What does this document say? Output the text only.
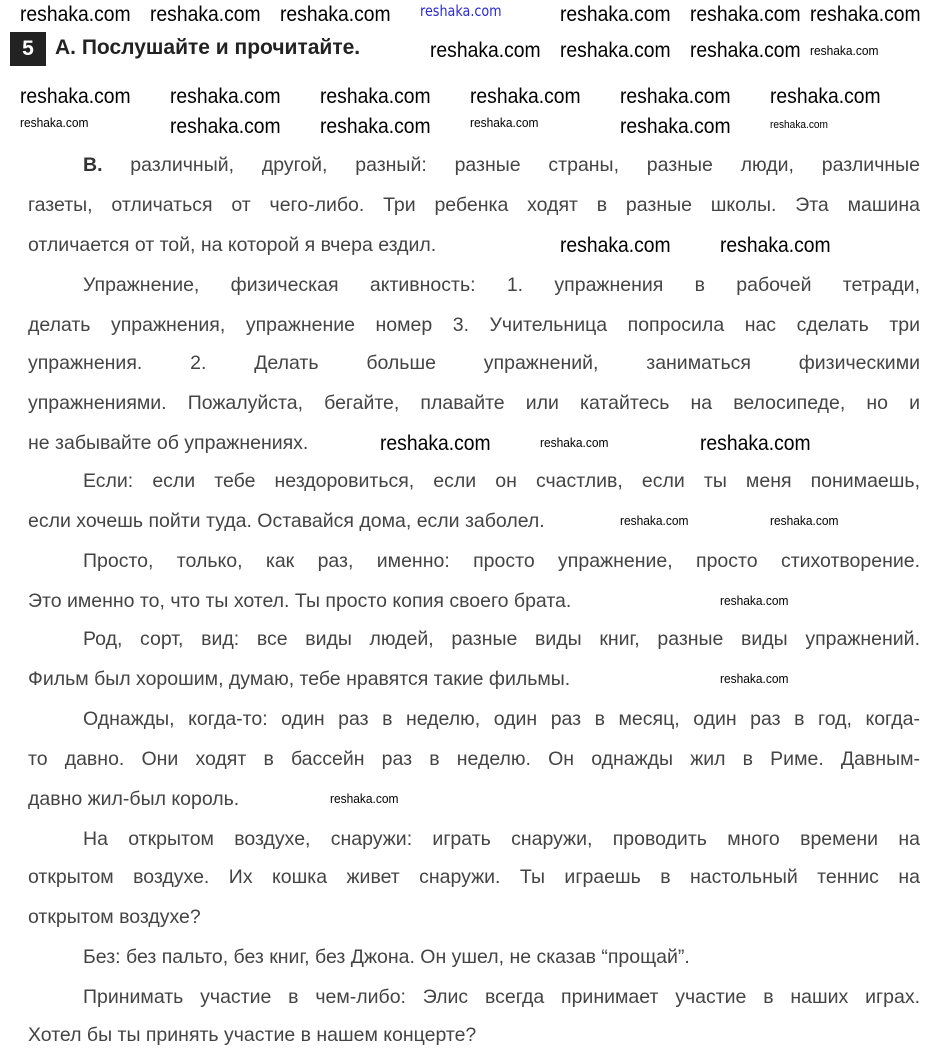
reshaka.com
5	А. Послушайте и прочитайте.
В. различный, другой, разный: разные страны, разные люди, различные
газеты, отличаться от чего-либо. Три ребенка ходят в разные школы. Эта машина
отличается от той, на которой я вчера ездил.
Упражнение, физическая активность: 1. упражнения в рабочей тетради,
делать упражнения, упражнение номер 3. Учительница попросила нас сделать три
упражнения. 2. Делать больше упражнений, заниматься физическими
упражнениями. Пожалуйста, бегайте, плавайте или катайтесь на велосипеде, но и
не забывайте об упражнениях.
Если: если тебе нездоровиться, если он счастлив, если ты меня понимаешь,
если хочешь пойти туда. Оставайся дома, если заболел.
Просто, только, как раз, именно: просто упражнение, просто стихотворение.
Это именно то, что ты хотел. Ты просто копия своего брата.
Род, сорт, вид: все виды людей, разные виды книг, разные виды упражнений.
Фильм был хорошим, думаю, тебе нравятся такие фильмы.
Однажды, когда-то: один раз в неделю, один раз в месяц, один раз в год, когда-
то давно. Они ходят в бассейн раз в неделю. Он однажды жил в Риме. Давным-
давно жил-был король.
На открытом воздухе, снаружи: играть снаружи, проводить много времени на
открытом воздухе. Их кошка живет снаружи. Ты играешь в настольный теннис на
открытом воздухе?
Без: без пальто, без книг, без Джона. Он ушел, не сказав “прощай”.
Принимать участие в чем-либо: Элис всегда принимает участие в наших играх.
Хотел бы ты принять участие в нашем концерте?
reshaka.com reshaka.com reshaka.com	reshaka.com reshaka.com reshaka.com
reshaka.com reshaka.com reshaka.com reshaka.com
reshaka.com reshaka.com reshaka.com reshaka.com reshaka.com reshaka.com
reshaka.com	reshaka.com reshaka.com	reshaka.com	reshaka.com	reshaka.com
reshaka.com reshaka.com
reshaka.com	reshaka.com	reshaka.com
reshaka.com	reshaka.com
reshaka.com
reshaka.com
reshaka.com
